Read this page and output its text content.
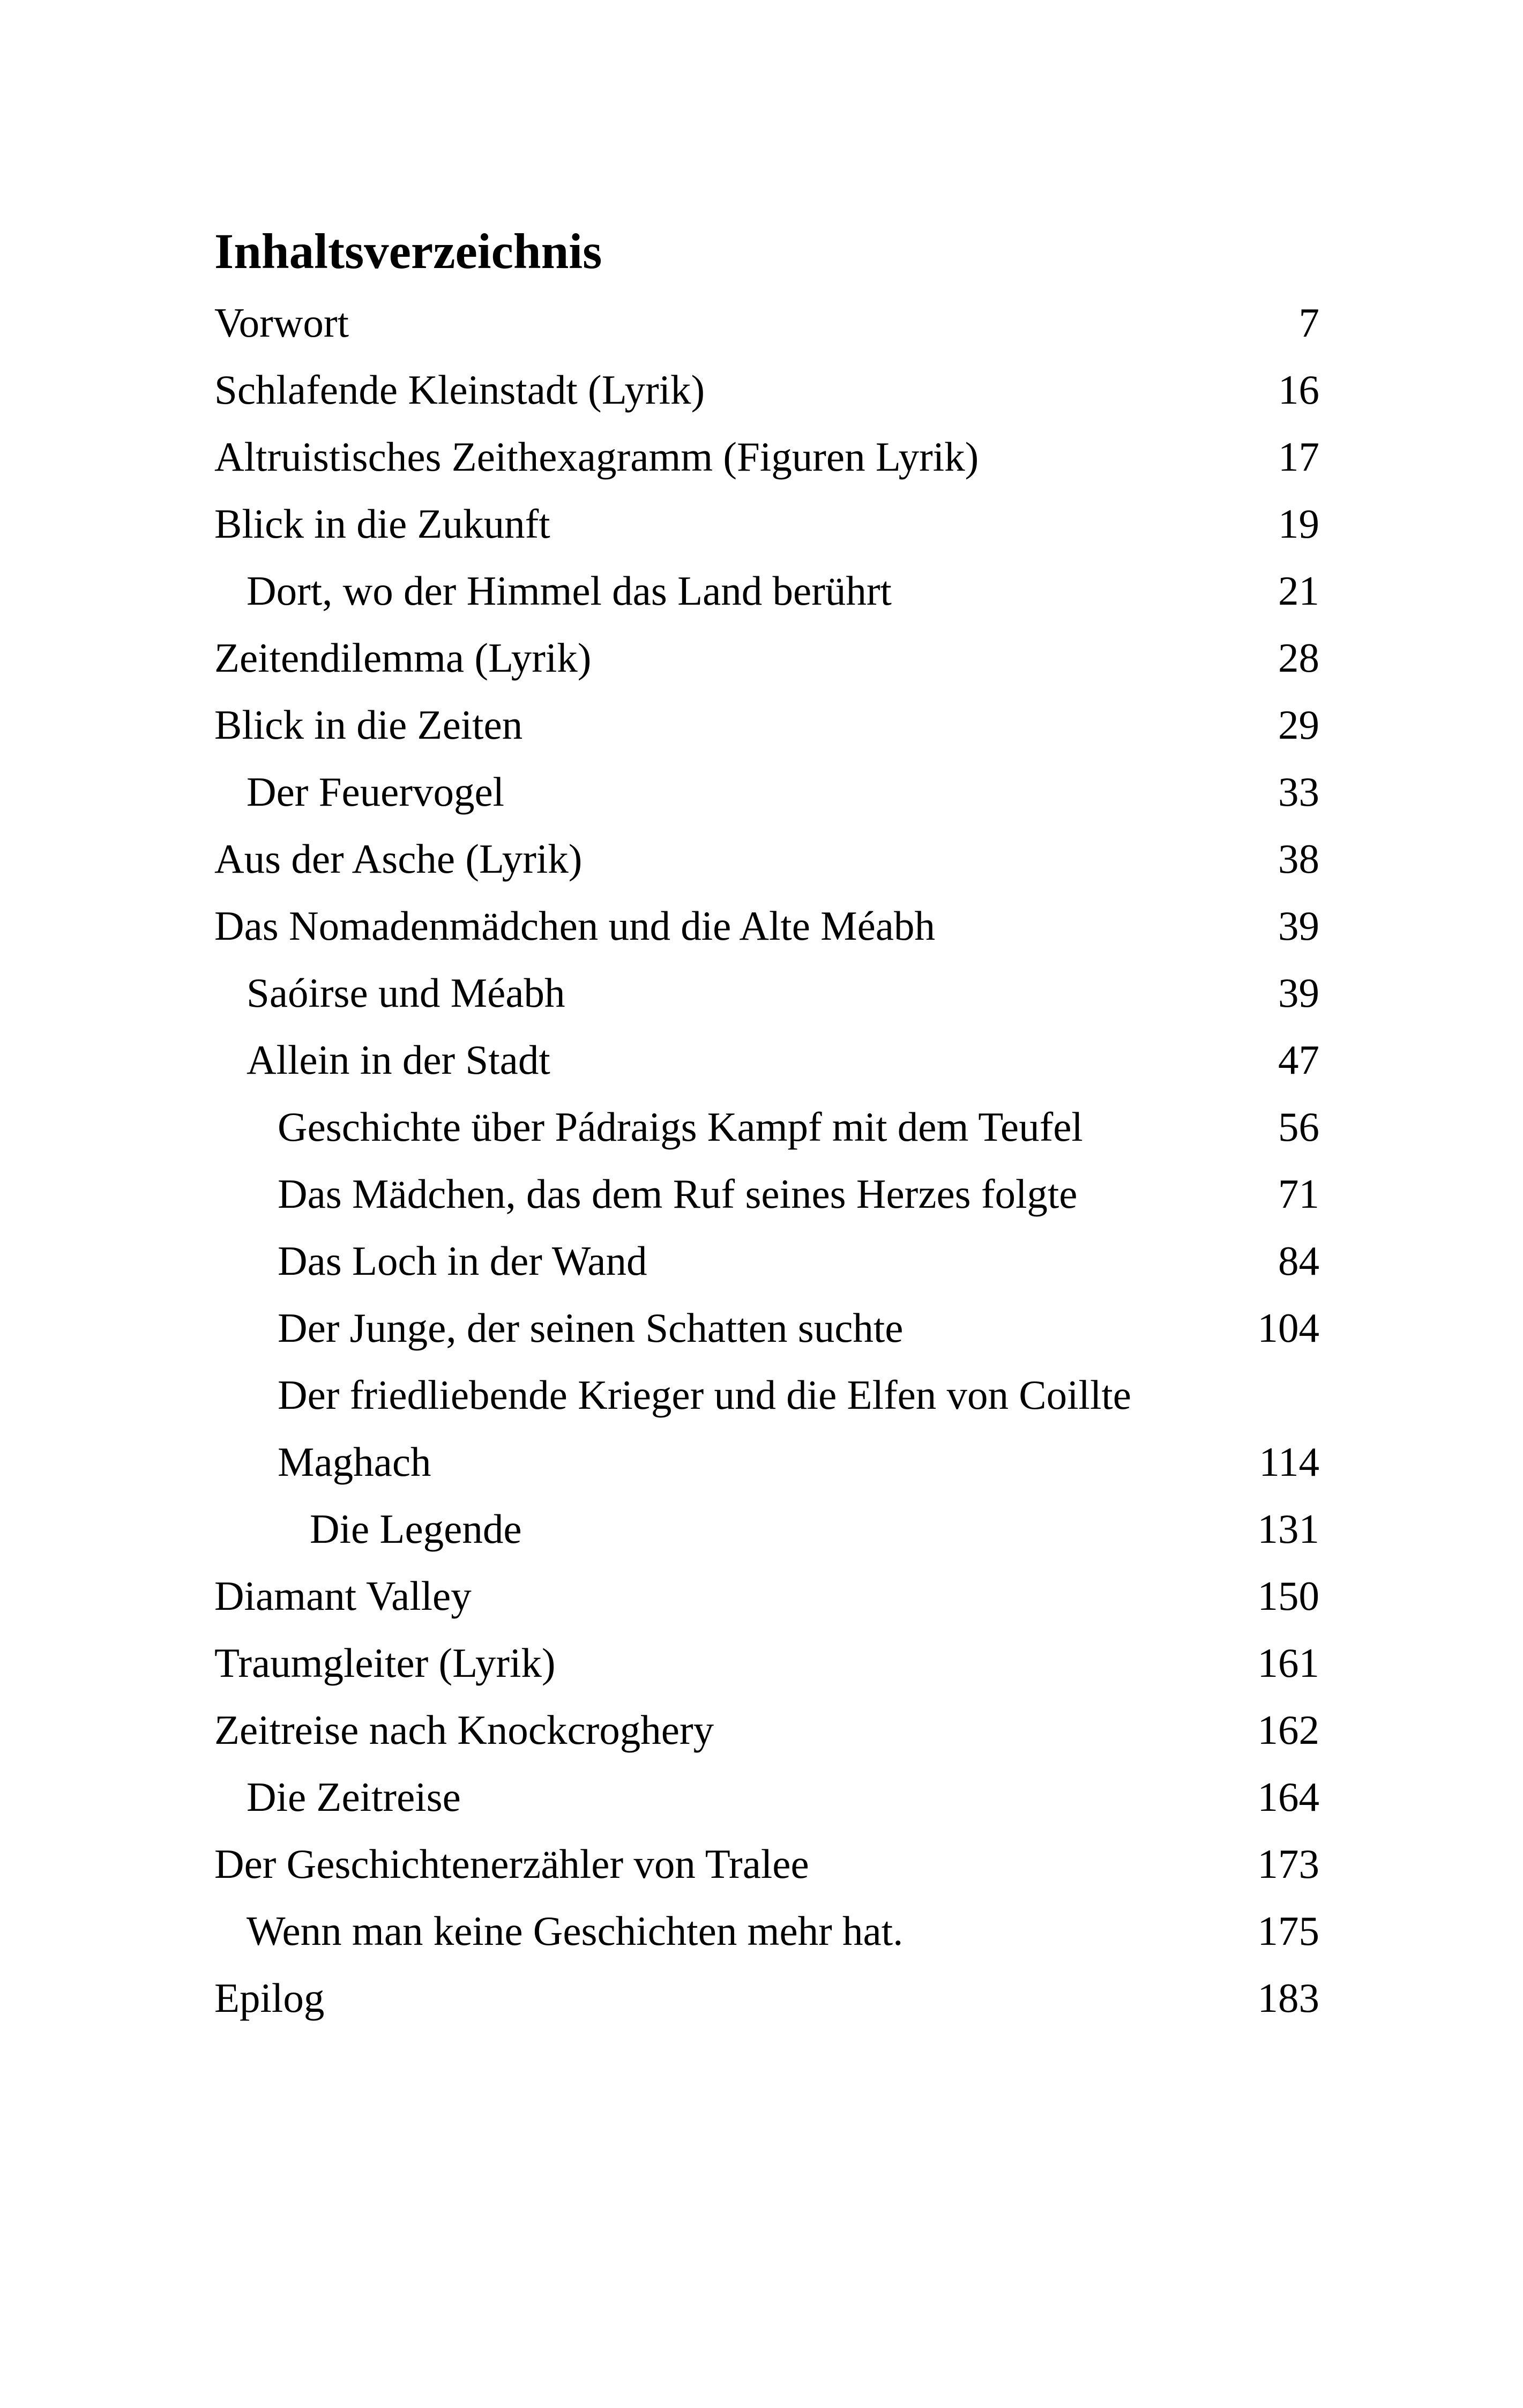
Inhaltsverzeichnis
Vorwort	7
Schlafende Kleinstadt (Lyrik)	16
Altruistisches Zeithexagramm (Figuren Lyrik)	17
Blick in die Zukunft	19
Dort, wo der Himmel das Land berührt	21
Zeitendilemma (Lyrik)	28
Blick in die Zeiten	29
Der Feuervogel	33
Aus der Asche (Lyrik)	38
Das Nomadenmädchen und die Alte Méabh	39
Saóirse und Méabh	39
Allein in der Stadt	47
Geschichte über Pádraigs Kampf mit dem Teufel	56
Das Mädchen, das dem Ruf seines Herzes folgte	71
Das Loch in der Wand	84
Der Junge, der seinen Schatten suchte	104
Der friedliebende Krieger und die Elfen von Coillte
Maghach	114
Die Legende	131
Diamant Valley	150
Traumgleiter (Lyrik)	161
Zeitreise nach Knockcroghery	162
Die Zeitreise	164
Der Geschichtenerzähler von Tralee	173
Wenn man keine Geschichten mehr hat.	175
Epilog	183
